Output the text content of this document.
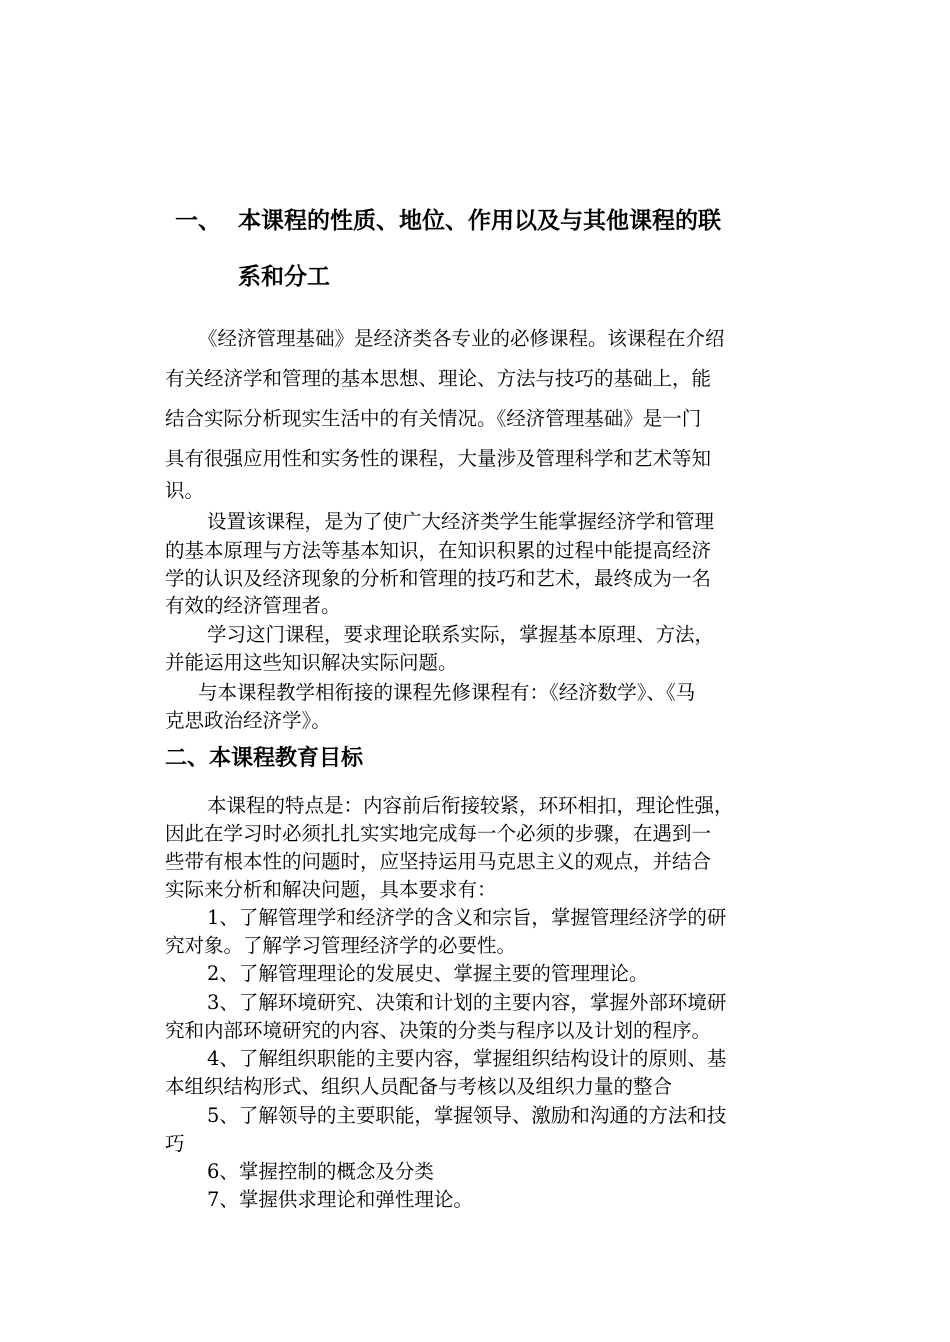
一、 本课程的性质、地位、作用以及与其他课程的联
系和分工
《经济管理基础》是经济类各专业的必修课程。该课程在介绍
有关经济学和管理的基本思想、理论、方法与技巧的基础上，能
结合实际分析现实生活中的有关情况。《经济管理基础》是一门
具有很强应用性和实务性的课程，大量涉及管理科学和艺术等知
识。
设置该课程，是为了使广大经济类学生能掌握经济学和管理
的基本原理与方法等基本知识，在知识积累的过程中能提高经济
学的认识及经济现象的分析和管理的技巧和艺术，最终成为一名
有效的经济管理者。
学习这门课程，要求理论联系实际，掌握基本原理、方法，
并能运用这些知识解决实际问题。
与本课程教学相衔接的课程先修课程有：《经济数学》、《马
克思政治经济学》。
二、本课程教育目标
本课程的特点是：内容前后衔接较紧，环环相扣，理论性强，
因此在学习时必须扎扎实实地完成每一个必须的步骤，在遇到一
些带有根本性的问题时，应坚持运用马克思主义的观点，并结合
实际来分析和解决问题，具本要求有：
1、了解管理学和经济学的含义和宗旨，掌握管理经济学的研
究对象。了解学习管理经济学的必要性。
2、了解管理理论的发展史、掌握主要的管理理论。
3、了解环境研究、决策和计划的主要内容，掌握外部环境研
究和内部环境研究的内容、决策的分类与程序以及计划的程序。
4、了解组织职能的主要内容，掌握组织结构设计的原则、基
本组织结构形式、组织人员配备与考核以及组织力量的整合
5、了解领导的主要职能，掌握领导、激励和沟通的方法和技
巧
6、掌握控制的概念及分类
7、掌握供求理论和弹性理论。
